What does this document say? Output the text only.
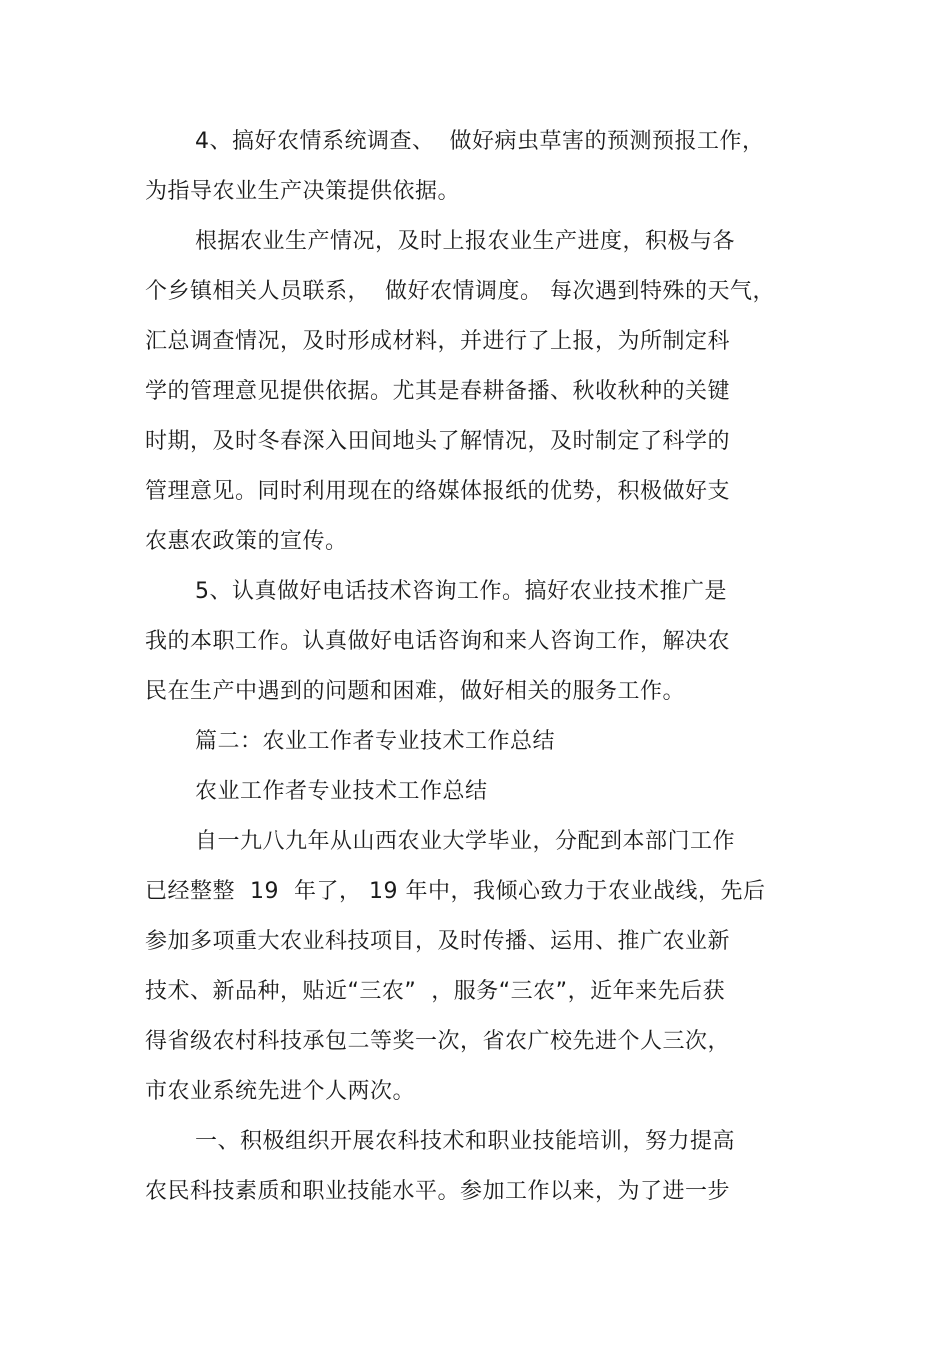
4、搞好农情系统调查、  做好病虫草害的预测预报工作，
为指导农业生产决策提供依据。
根据农业生产情况，及时上报农业生产进度，积极与各
个乡镇相关人员联系，  做好农情调度。 每次遇到特殊的天气，
汇总调查情况，及时形成材料，并进行了上报，为所制定科
学的管理意见提供依据。尤其是春耕备播、秋收秋种的关键
时期，及时冬春深入田间地头了解情况，及时制定了科学的
管理意见。同时利用现在的络媒体报纸的优势，积极做好支
农惠农政策的宣传。
5、认真做好电话技术咨询工作。搞好农业技术推广是
我的本职工作。认真做好电话咨询和来人咨询工作，解决农
民在生产中遇到的问题和困难，做好相关的服务工作。
篇二：农业工作者专业技术工作总结
农业工作者专业技术工作总结
自一九八九年从山西农业大学毕业，分配到本部门工作
已经整整  19  年了， 19 年中，我倾心致力于农业战线，先后
参加多项重大农业科技项目，及时传播、运用、推广农业新
技术、新品种，贴近“三农”  ，服务“三农”，近年来先后获
得省级农村科技承包二等奖一次，省农广校先进个人三次，
市农业系统先进个人两次。
一、积极组织开展农科技术和职业技能培训，努力提高
农民科技素质和职业技能水平。参加工作以来，为了进一步
